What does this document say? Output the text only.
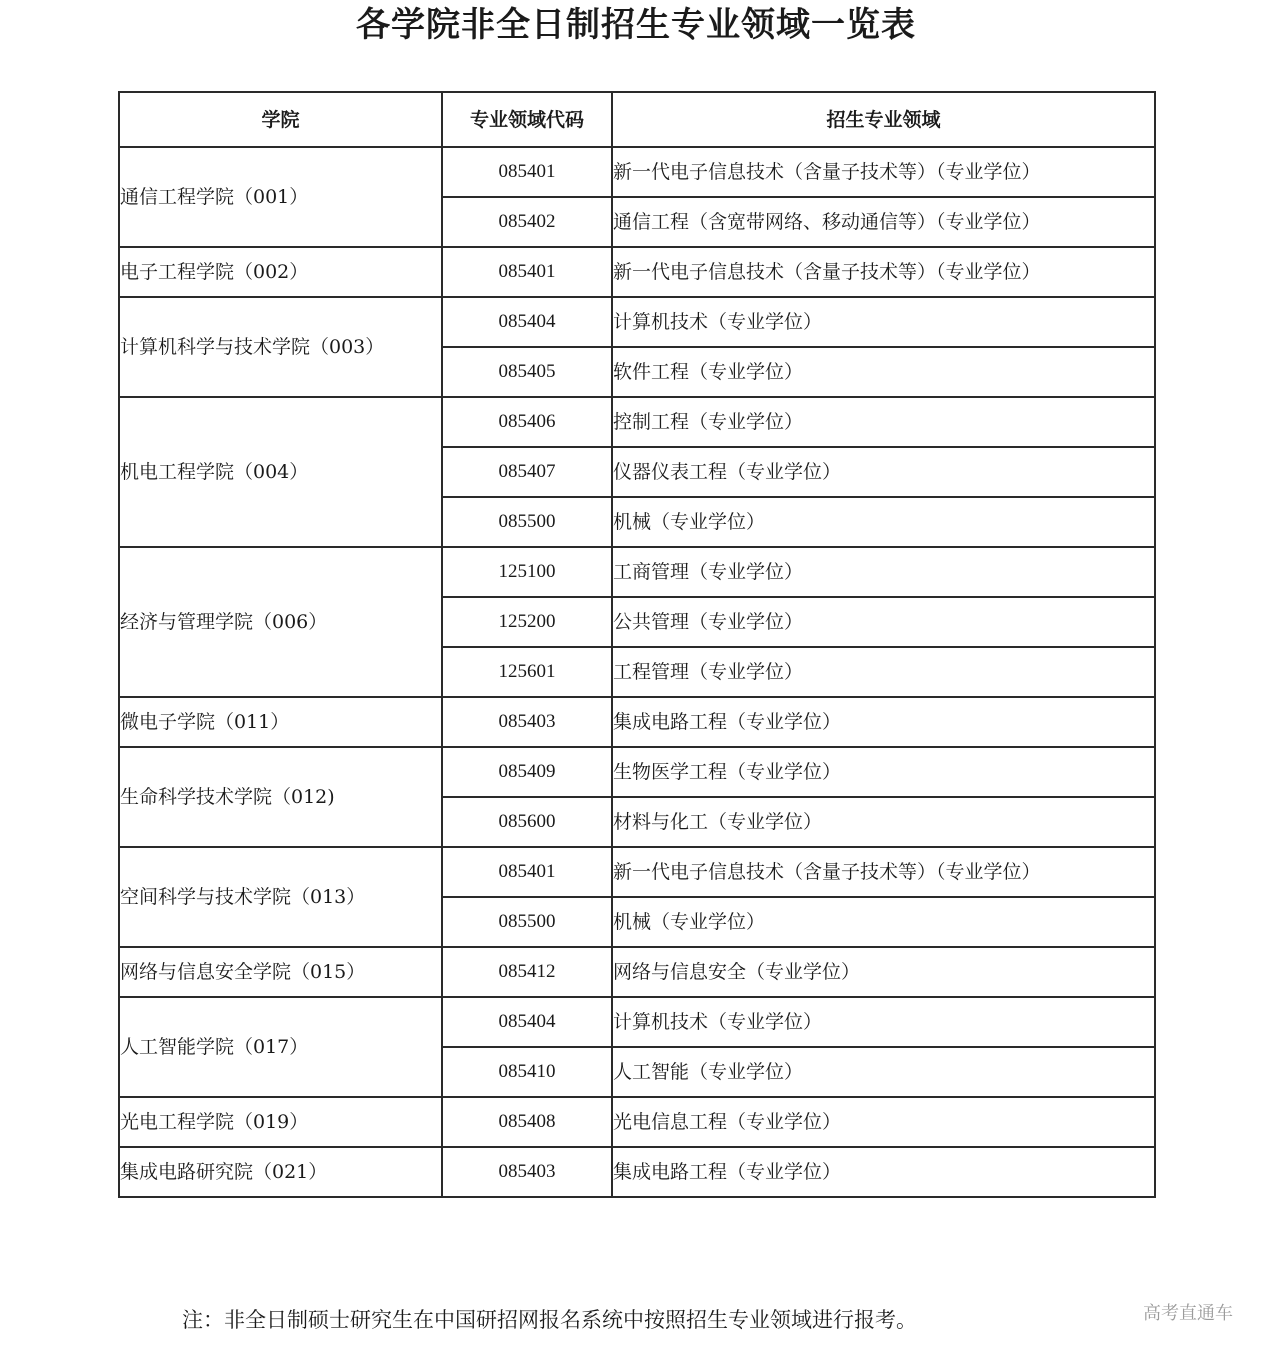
各学院非全日制招生专业领域一览表
学院	专业领域代码	招生专业领域
通信工程学院（001）	085401	新一代电子信息技术（含量子技术等）（专业学位）
	085402	通信工程（含宽带网络、移动通信等）（专业学位）
电子工程学院（002）	085401	新一代电子信息技术（含量子技术等）（专业学位）
计算机科学与技术学院（003）	085404	计算机技术（专业学位）
	085405	软件工程（专业学位）
机电工程学院（004）	085406	控制工程（专业学位）
	085407	仪器仪表工程（专业学位）
	085500	机械（专业学位）
经济与管理学院（006）	125100	工商管理（专业学位）
	125200	公共管理（专业学位）
	125601	工程管理（专业学位）
微电子学院（011）	085403	集成电路工程（专业学位）
生命科学技术学院（012)	085409	生物医学工程（专业学位）
	085600	材料与化工（专业学位）
空间科学与技术学院（013）	085401	新一代电子信息技术（含量子技术等）（专业学位）
	085500	机械（专业学位）
网络与信息安全学院（015）	085412	网络与信息安全（专业学位）
人工智能学院（017）	085404	计算机技术（专业学位）
	085410	人工智能（专业学位）
光电工程学院（019）	085408	光电信息工程（专业学位）
集成电路研究院（021）	085403	集成电路工程（专业学位）
注：非全日制硕士研究生在中国研招网报名系统中按照招生专业领域进行报考。	高考直通车
